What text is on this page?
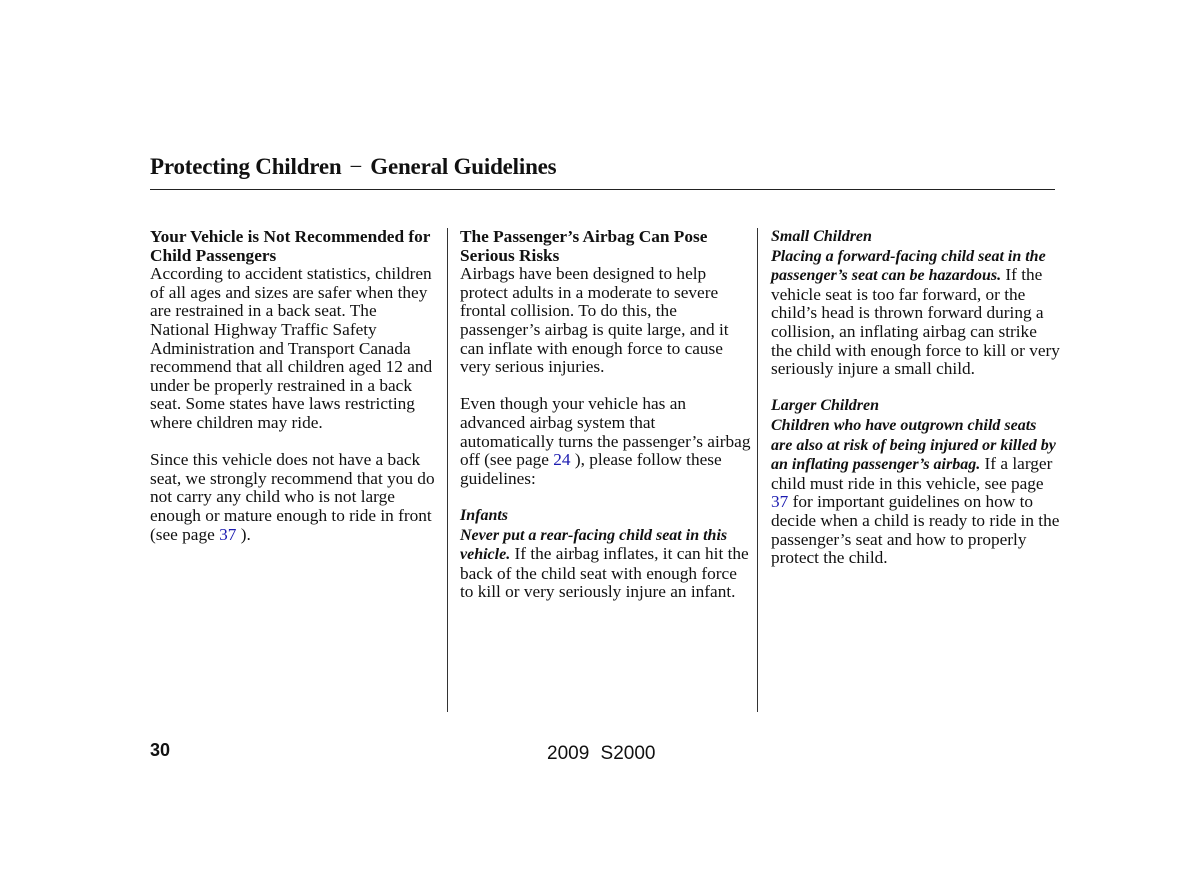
Protecting Children − General Guidelines

Your Vehicle is Not Recommended for Child Passengers

According to accident statistics, children of all ages and sizes are safer when they are restrained in a back seat. The National Highway Traffic Safety Administration and Transport Canada recommend that all children aged 12 and under be properly restrained in a back seat. Some states have laws restricting where children may ride.

Since this vehicle does not have a back seat, we strongly recommend that you do not carry any child who is not large enough or mature enough to ride in front (see page 37 ).

The Passenger’s Airbag Can Pose Serious Risks

Airbags have been designed to help protect adults in a moderate to severe frontal collision. To do this, the passenger’s airbag is quite large, and it can inflate with enough force to cause very serious injuries.

Even though your vehicle has an advanced airbag system that automatically turns the passenger’s airbag off (see page 24 ), please follow these guidelines:

Infants

Never put a rear-facing child seat in this vehicle. If the airbag inflates, it can hit the back of the child seat with enough force to kill or very seriously injure an infant.

Small Children

Placing a forward-facing child seat in the passenger’s seat can be hazardous. If the vehicle seat is too far forward, or the child’s head is thrown forward during a collision, an inflating airbag can strike the child with enough force to kill or very seriously injure a small child.

Larger Children

Children who have outgrown child seats are also at risk of being injured or killed by an inflating passenger’s airbag. If a larger child must ride in this vehicle, see page 37 for important guidelines on how to decide when a child is ready to ride in the passenger’s seat and how to properly protect the child.

30	2009 S2000
